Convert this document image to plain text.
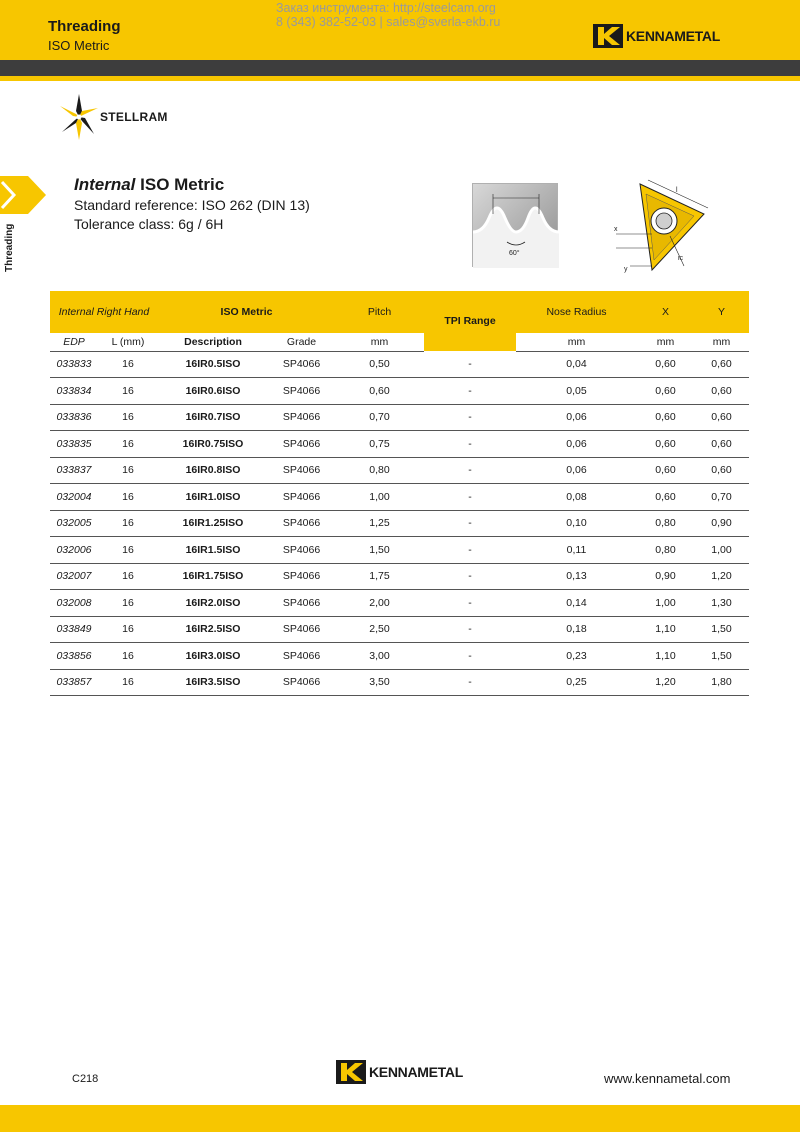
Threading
ISO Metric
Заказ инструмента: http://steelcam.org
8 (343) 382-52-03 | sales@sverla-ekb.ru
KENNAMETAL
STELLRAM
Threading
Internal ISO Metric
Standard reference: ISO 262 (DIN 13)
Tolerance class: 6g / 6H
60°
l
x
y
ic
Internal Right Hand		ISO Metric		Pitch	TPI Range	Nose Radius	X	Y
EDP	L (mm)	Description	Grade	mm		mm	mm	mm
033833	16	16IR0.5ISO	SP4066	0,50	-	0,04	0,60	0,60
033834	16	16IR0.6ISO	SP4066	0,60	-	0,05	0,60	0,60
033836	16	16IR0.7ISO	SP4066	0,70	-	0,06	0,60	0,60
033835	16	16IR0.75ISO	SP4066	0,75	-	0,06	0,60	0,60
033837	16	16IR0.8ISO	SP4066	0,80	-	0,06	0,60	0,60
032004	16	16IR1.0ISO	SP4066	1,00	-	0,08	0,60	0,70
032005	16	16IR1.25ISO	SP4066	1,25	-	0,10	0,80	0,90
032006	16	16IR1.5ISO	SP4066	1,50	-	0,11	0,80	1,00
032007	16	16IR1.75ISO	SP4066	1,75	-	0,13	0,90	1,20
032008	16	16IR2.0ISO	SP4066	2,00	-	0,14	1,00	1,30
033849	16	16IR2.5ISO	SP4066	2,50	-	0,18	1,10	1,50
033856	16	16IR3.0ISO	SP4066	3,00	-	0,23	1,10	1,50
033857	16	16IR3.5ISO	SP4066	3,50	-	0,25	1,20	1,80
C218	KENNAMETAL	www.kennametal.com
